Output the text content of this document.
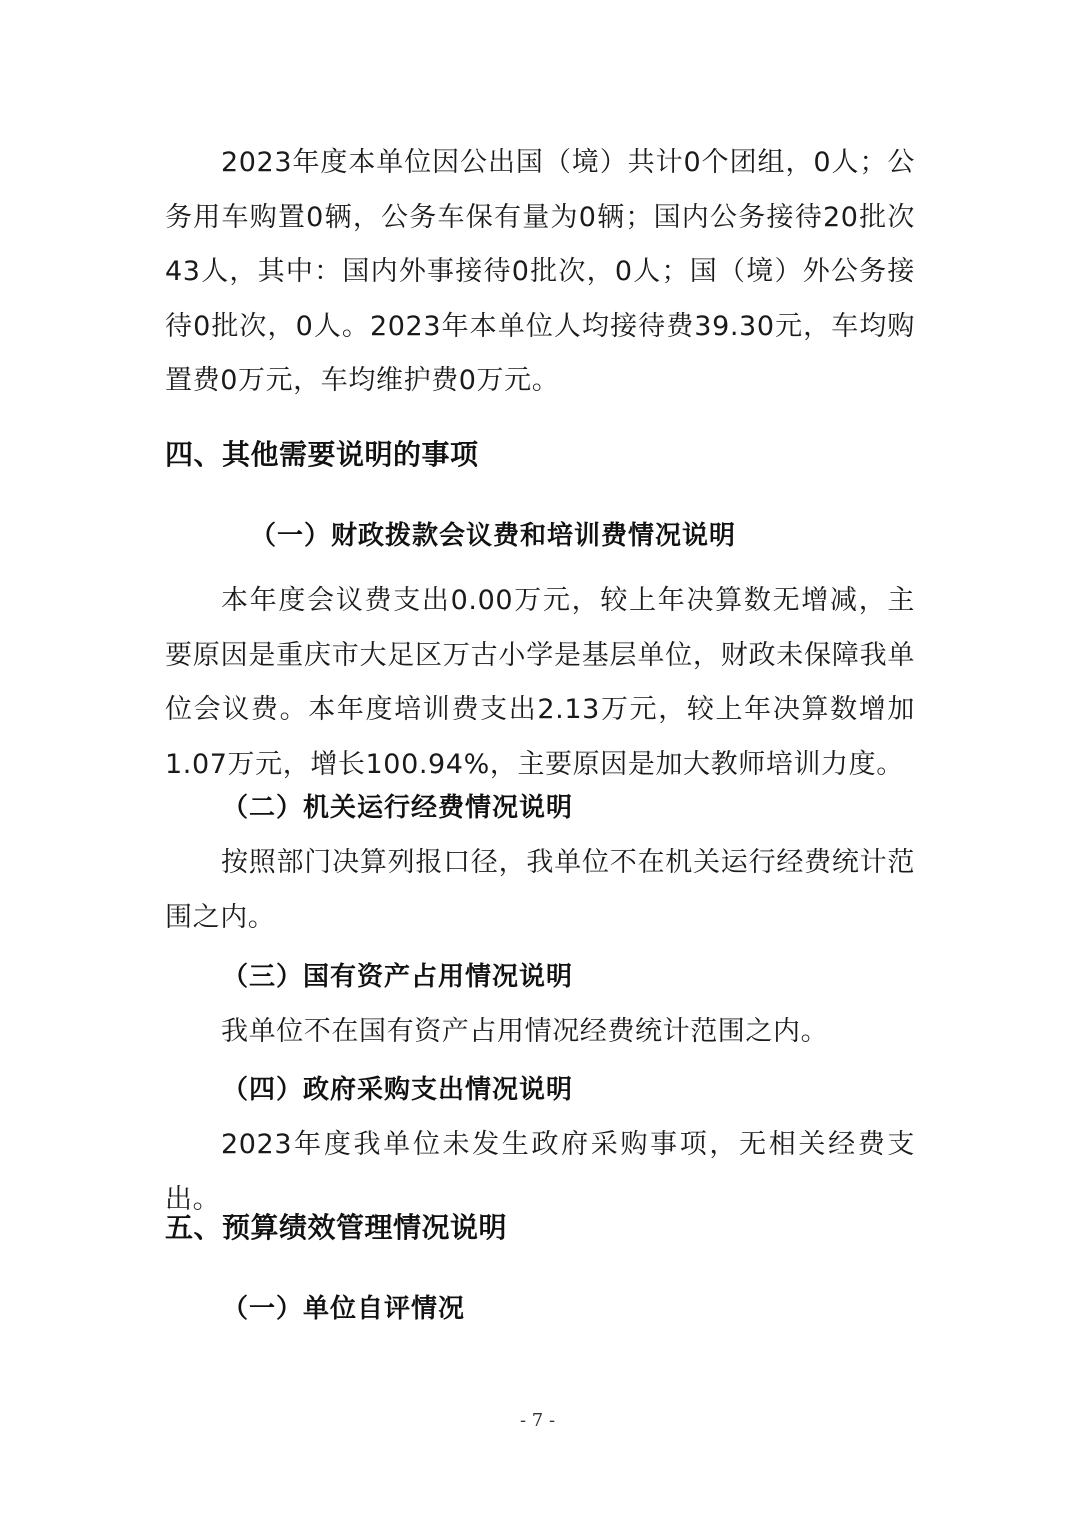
2023年度本单位因公出国（境）共计0个团组，0人；公务用车购置0辆，公务车保有量为0辆；国内公务接待20批次43人，其中：国内外事接待0批次，0人；国（境）外公务接待0批次，0人。2023年本单位人均接待费39.30元，车均购置费0万元，车均维护费0万元。

四、其他需要说明的事项
（一）财政拨款会议费和培训费情况说明

本年度会议费支出0.00万元，较上年决算数无增减，主要原因是重庆市大足区万古小学是基层单位，财政未保障我单位会议费。本年度培训费支出2.13万元，较上年决算数增加1.07万元，增长100.94%，主要原因是加大教师培训力度。

（二）机关运行经费情况说明

按照部门决算列报口径，我单位不在机关运行经费统计范围之内。

（三）国有资产占用情况说明

我单位不在国有资产占用情况经费统计范围之内。

（四）政府采购支出情况说明

2023年度我单位未发生政府采购事项，无相关经费支出。

五、预算绩效管理情况说明
（一）单位自评情况
- 7 -
